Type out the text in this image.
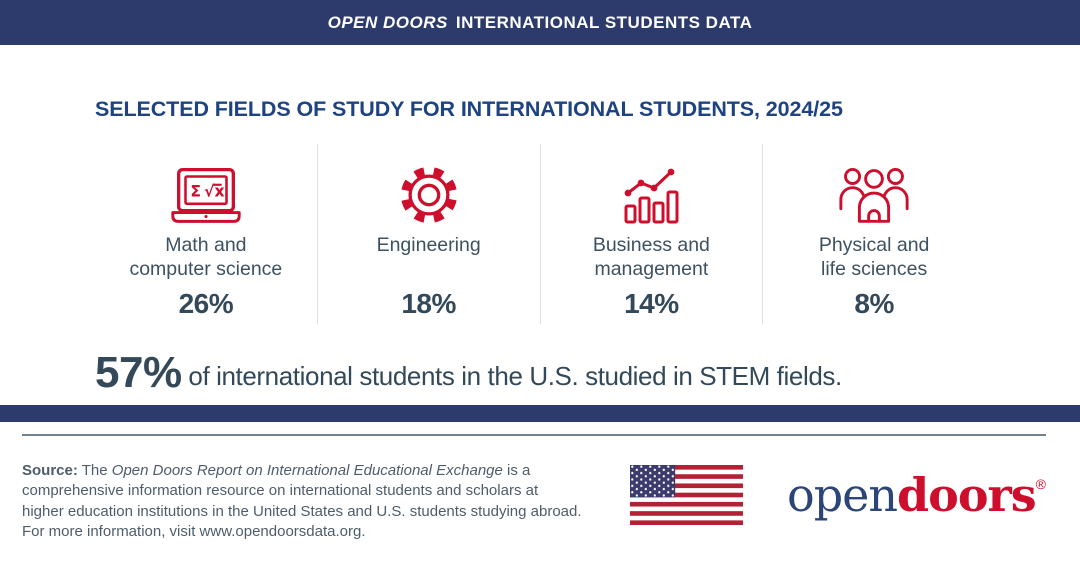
OPEN DOORS INTERNATIONAL STUDENTS DATA
SELECTED FIELDS OF STUDY FOR INTERNATIONAL STUDENTS, 2024/25
Σ √x
Math and
computer science
26%
Engineering
18%
Business and
management
14%
Physical and
life sciences
8%
57% of international students in the U.S. studied in STEM fields.
Source: The Open Doors Report on International Educational Exchange is a
comprehensive information resource on international students and scholars at
higher education institutions in the United States and U.S. students studying abroad.
For more information, visit www.opendoorsdata.org.
opendoors®
